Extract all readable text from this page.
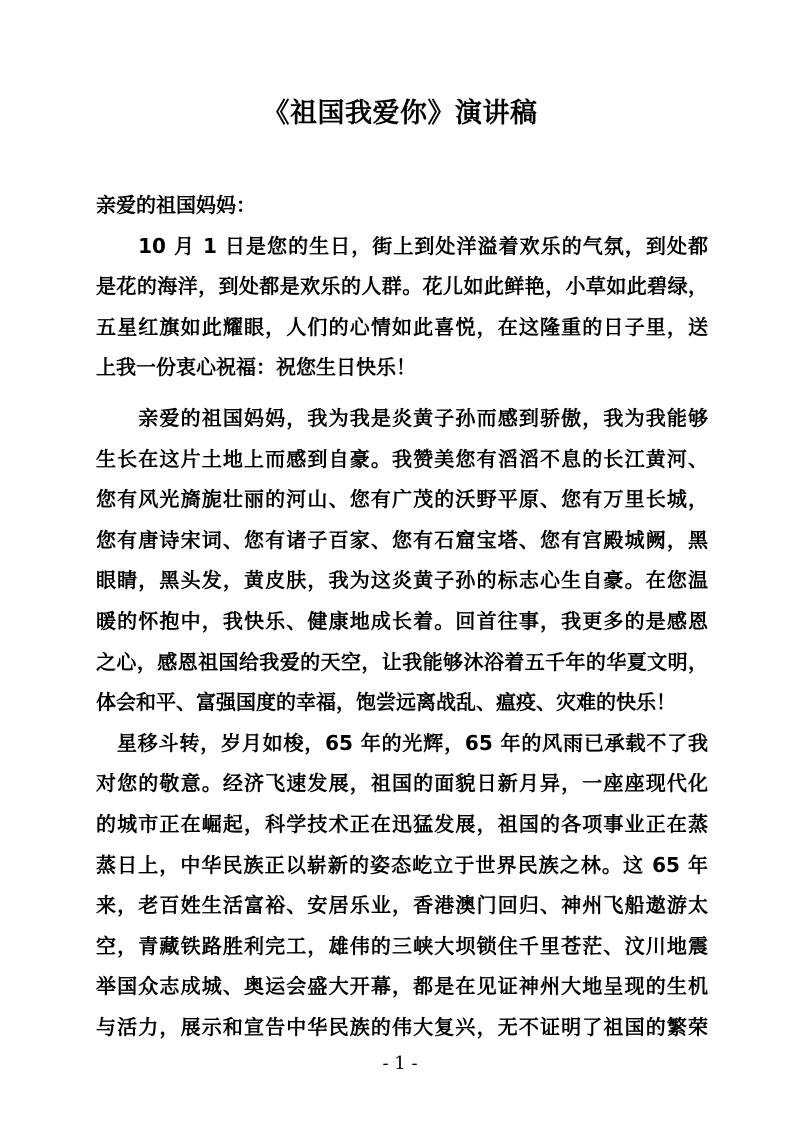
《祖国我爱你》演讲稿
亲爱的祖国妈妈：
　　10 月 1 日是您的生日，街上到处洋溢着欢乐的气氛，到处都
是花的海洋，到处都是欢乐的人群。花儿如此鲜艳，小草如此碧绿，
五星红旗如此耀眼，人们的心情如此喜悦，在这隆重的日子里，送
上我一份衷心祝福：祝您生日快乐！
　　亲爱的祖国妈妈，我为我是炎黄子孙而感到骄傲，我为我能够
生长在这片土地上而感到自豪。我赞美您有滔滔不息的长江黄河、
您有风光旖旎壮丽的河山、您有广茂的沃野平原、您有万里长城，
您有唐诗宋词、您有诸子百家、您有石窟宝塔、您有宫殿城阙，黑
眼睛，黑头发，黄皮肤，我为这炎黄子孙的标志心生自豪。在您温
暖的怀抱中，我快乐、健康地成长着。回首往事，我更多的是感恩
之心，感恩祖国给我爱的天空，让我能够沐浴着五千年的华夏文明，
体会和平、富强国度的幸福，饱尝远离战乱、瘟疫、灾难的快乐！
　星移斗转，岁月如梭，65 年的光辉，65 年的风雨已承载不了我
对您的敬意。经济飞速发展，祖国的面貌日新月异，一座座现代化
的城市正在崛起，科学技术正在迅猛发展，祖国的各项事业正在蒸
蒸日上，中华民族正以崭新的姿态屹立于世界民族之林。这 65 年
来，老百姓生活富裕、安居乐业，香港澳门回归、神州飞船遨游太
空，青藏铁路胜利完工，雄伟的三峡大坝锁住千里苍茫、汶川地震
举国众志成城、奥运会盛大开幕，都是在见证神州大地呈现的生机
与活力，展示和宣告中华民族的伟大复兴，无不证明了祖国的繁荣
- 1 -
